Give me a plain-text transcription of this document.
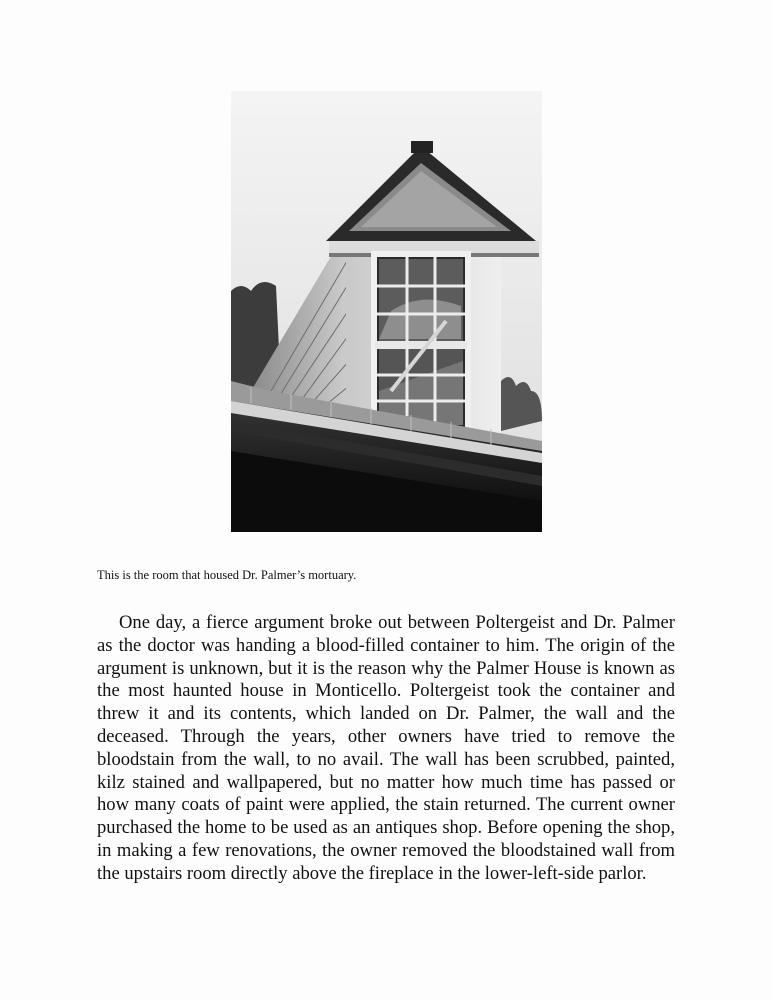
This is the room that housed Dr. Palmer’s mortuary.

One day, a fierce argument broke out between Poltergeist and Dr. Palmer as the doctor was handing a blood-filled container to him. The origin of the argument is unknown, but it is the reason why the Palmer House is known as the most haunted house in Monticello. Poltergeist took the container and threw it and its contents, which landed on Dr. Palmer, the wall and the deceased. Through the years, other owners have tried to remove the bloodstain from the wall, to no avail. The wall has been scrubbed, painted, kilz stained and wallpapered, but no matter how much time has passed or how many coats of paint were applied, the stain returned. The current owner purchased the home to be used as an antiques shop. Before opening the shop, in making a few renovations, the owner removed the bloodstained wall from the upstairs room directly above the fireplace in the lower-left-side parlor.
